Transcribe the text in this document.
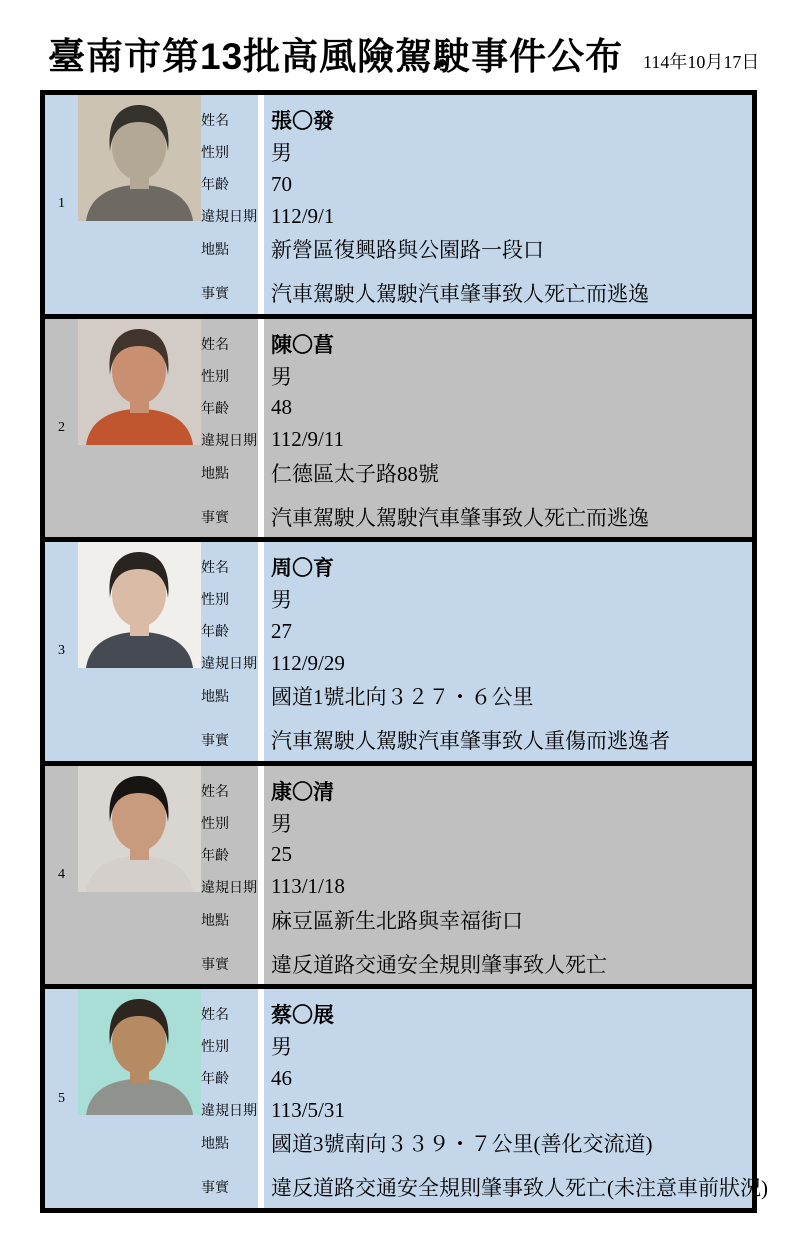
臺南市第13批高風險駕駛事件公布 114年10月17日
1
姓名	張〇發
性別	男
年齡	70
違規日期 112/9/1
地點	新營區復興路與公園路一段口
事實	汽車駕駛人駕駛汽車肇事致人死亡而逃逸
2
姓名	陳〇菖
性別	男
年齡	48
違規日期 112/9/11
地點	仁德區太子路88號
事實	汽車駕駛人駕駛汽車肇事致人死亡而逃逸
3
姓名	周〇育
性別	男
年齡	27
違規日期 112/9/29
地點	國道1號北向３２７・６公里
事實	汽車駕駛人駕駛汽車肇事致人重傷而逃逸者
4
姓名	康〇清
性別	男
年齡	25
違規日期 113/1/18
地點	麻豆區新生北路與幸福街口
事實	違反道路交通安全規則肇事致人死亡
5
姓名	蔡〇展
性別	男
年齡	46
違規日期 113/5/31
地點	國道3號南向３３９・７公里(善化交流道)
事實	違反道路交通安全規則肇事致人死亡(未注意車前狀況)
